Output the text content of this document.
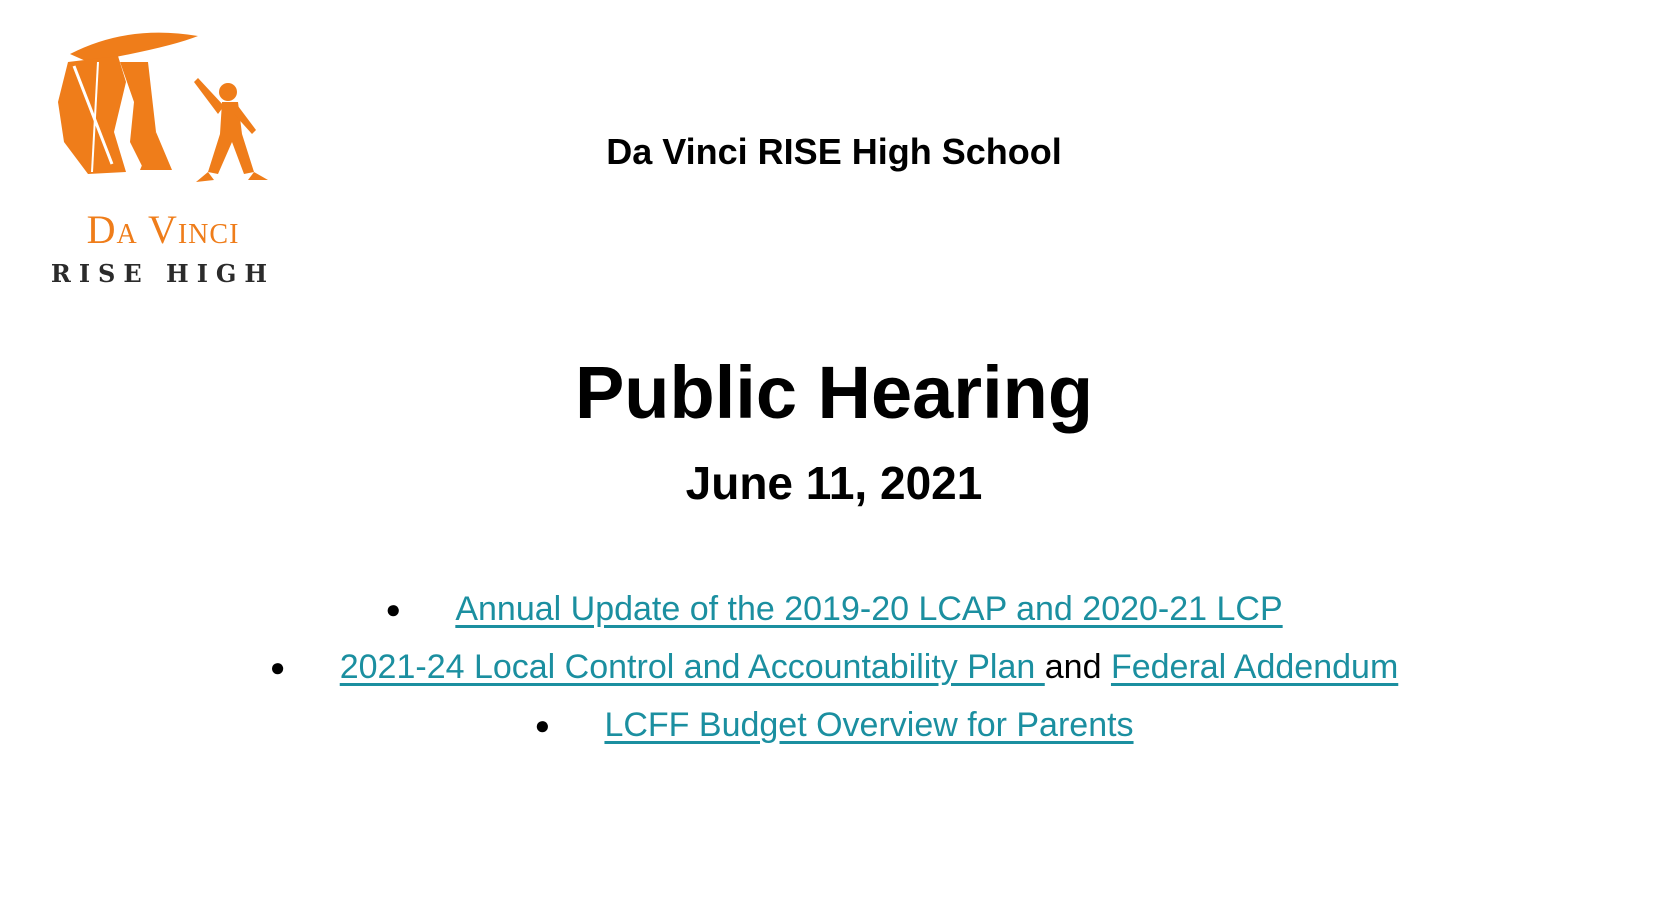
Da Vinci
RISE HIGH
Da Vinci RISE High School
Public Hearing
June 11, 2021
● Annual Update of the 2019-20 LCAP and 2020-21 LCP
● 2021-24 Local Control and Accountability Plan and Federal Addendum
● LCFF Budget Overview for Parents
